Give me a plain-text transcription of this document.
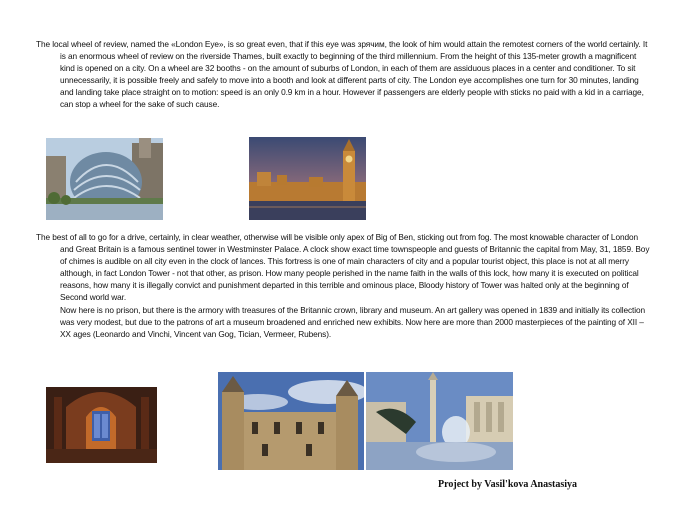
The local wheel of review, named the «London Eye», is so great even, that if this eye was зрячим, the look of him would attain the remotest corners of the world certainly. It is an enormous wheel of review on the riverside Thames, built exactly to beginning of the third millennium. From the height of this 135-meter growth a magnificent kind is opened on a city. On a wheel are 32 booths - on the amount of suburbs of London, in each of them are assiduous places in a center and conditioner. To sit unnecessarily, it is possible freely and safely to move into a booth and look at different parts of city. The London eye accomplishes one turn for 30 minutes, landing and landing take place straight on to motion: speed is an only 0.9 km in a hour. However if passengers are elderly people with sticks no paid with a kid in a carriage, can stop a wheel for the sake of such cause.

The best of all to go for a drive, certainly, in clear weather, otherwise will be visible only apex of Big of Ben, sticking out from fog. The most knowable character of London and Great Britain is a famous sentinel tower in Westminster Palace. A clock show exact time townspeople and guests of Britannic the capital from May, 31, 1859. Boy of chimes is audible on all city even in the clock of lances. This fortress is one of main characters of city and a popular tourist object, this place is not at all merry although, in fact London Tower - not that other, as prison. How many people perished in the name faith in the walls of this lock, how many it is executed on political reasons, how many it is illegally convict and punishment departed in this terrible and ominous place, Bloody history of Tower was halted only at the beginning of Second world war.

Now here is no prison, but there is the armory with treasures of the Britannic crown, library and museum. An art gallery was opened in 1839 and initially its collection was very modest, but due to the patrons of art a museum broadened and enriched new exhibits. Now here are more than 2000 masterpieces of the painting of XII – XX ages (Leonardo and Vinchi, Vincent van Gog, Tician, Vermeer, Rubens).

Project by Vasil'kova Anastasiya
